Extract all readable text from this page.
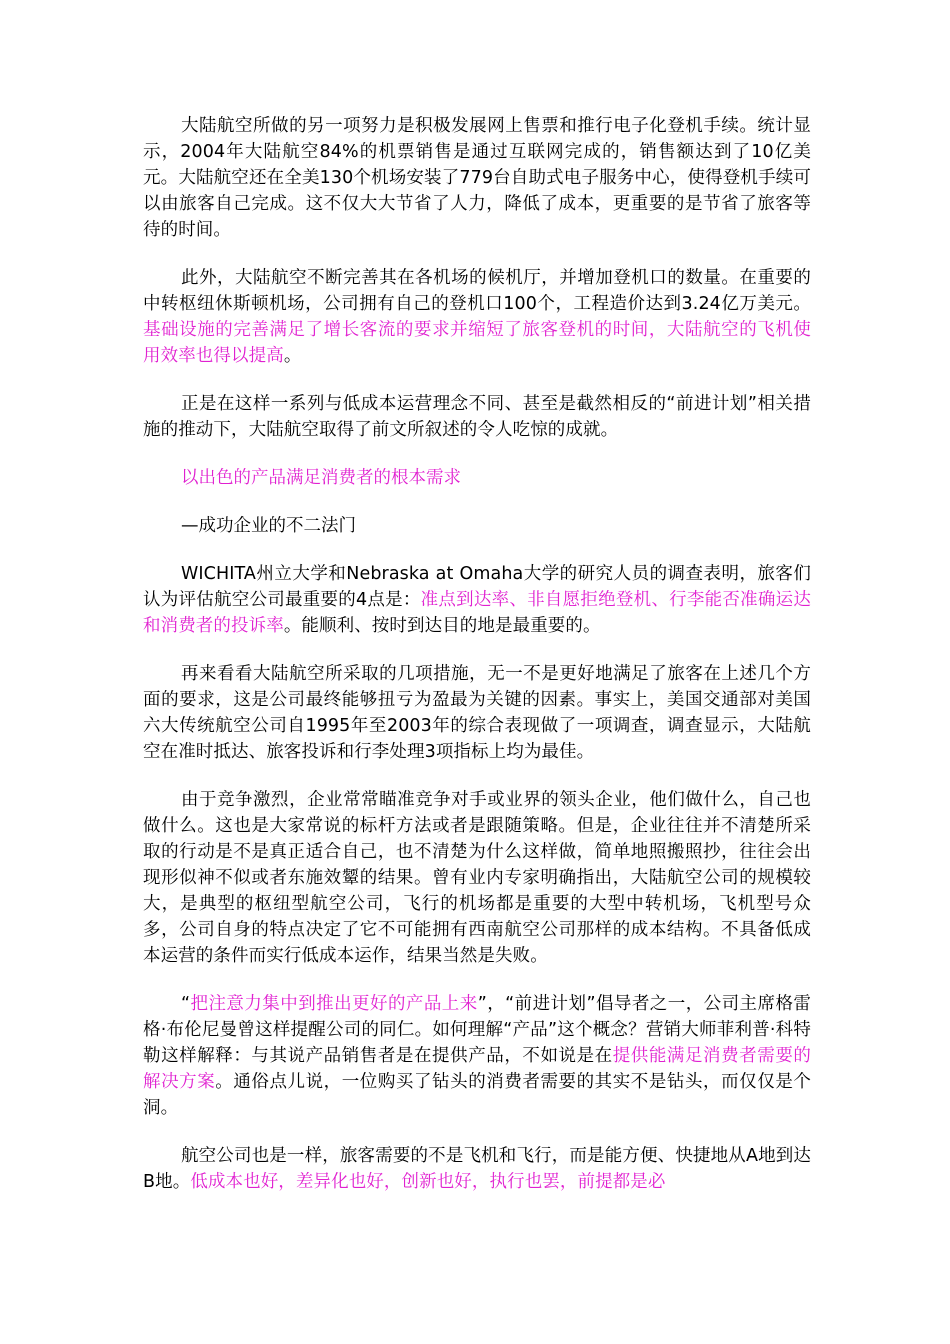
大陆航空所做的另一项努力是积极发展网上售票和推行电子化登机手续。统计显示，2004年大陆航空84%的机票销售是通过互联网完成的，销售额达到了10亿美元。大陆航空还在全美130个机场安装了779台自助式电子服务中心，使得登机手续可以由旅客自己完成。这不仅大大节省了人力，降低了成本，更重要的是节省了旅客等待的时间。

此外，大陆航空不断完善其在各机场的候机厅，并增加登机口的数量。在重要的中转枢纽休斯顿机场，公司拥有自己的登机口100个，工程造价达到3.24亿万美元。基础设施的完善满足了增长客流的要求并缩短了旅客登机的时间，大陆航空的飞机使用效率也得以提高。

正是在这样一系列与低成本运营理念不同、甚至是截然相反的“前进计划”相关措施的推动下，大陆航空取得了前文所叙述的令人吃惊的成就。

以出色的产品满足消费者的根本需求

—成功企业的不二法门

WICHITA州立大学和Nebraska at Omaha大学的研究人员的调查表明，旅客们认为评估航空公司最重要的4点是：准点到达率、非自愿拒绝登机、行李能否准确运达和消费者的投诉率。能顺利、按时到达目的地是最重要的。

再来看看大陆航空所采取的几项措施，无一不是更好地满足了旅客在上述几个方面的要求，这是公司最终能够扭亏为盈最为关键的因素。事实上，美国交通部对美国六大传统航空公司自1995年至2003年的综合表现做了一项调查，调查显示，大陆航空在准时抵达、旅客投诉和行李处理3项指标上均为最佳。

由于竞争激烈，企业常常瞄准竞争对手或业界的领头企业，他们做什么，自己也做什么。这也是大家常说的标杆方法或者是跟随策略。但是，企业往往并不清楚所采取的行动是不是真正适合自己，也不清楚为什么这样做，简单地照搬照抄，往往会出现形似神不似或者东施效颦的结果。曾有业内专家明确指出，大陆航空公司的规模较大，是典型的枢纽型航空公司，飞行的机场都是重要的大型中转机场，飞机型号众多，公司自身的特点决定了它不可能拥有西南航空公司那样的成本结构。不具备低成本运营的条件而实行低成本运作，结果当然是失败。

“把注意力集中到推出更好的产品上来”，“前进计划”倡导者之一，公司主席格雷格·布伦尼曼曾这样提醒公司的同仁。如何理解“产品”这个概念？营销大师菲利普·科特勒这样解释：与其说产品销售者是在提供产品，不如说是在提供能满足消费者需要的解决方案。通俗点儿说，一位购买了钻头的消费者需要的其实不是钻头，而仅仅是个洞。

航空公司也是一样，旅客需要的不是飞机和飞行，而是能方便、快捷地从A地到达B地。低成本也好，差异化也好，创新也好，执行也罢，前提都是必
